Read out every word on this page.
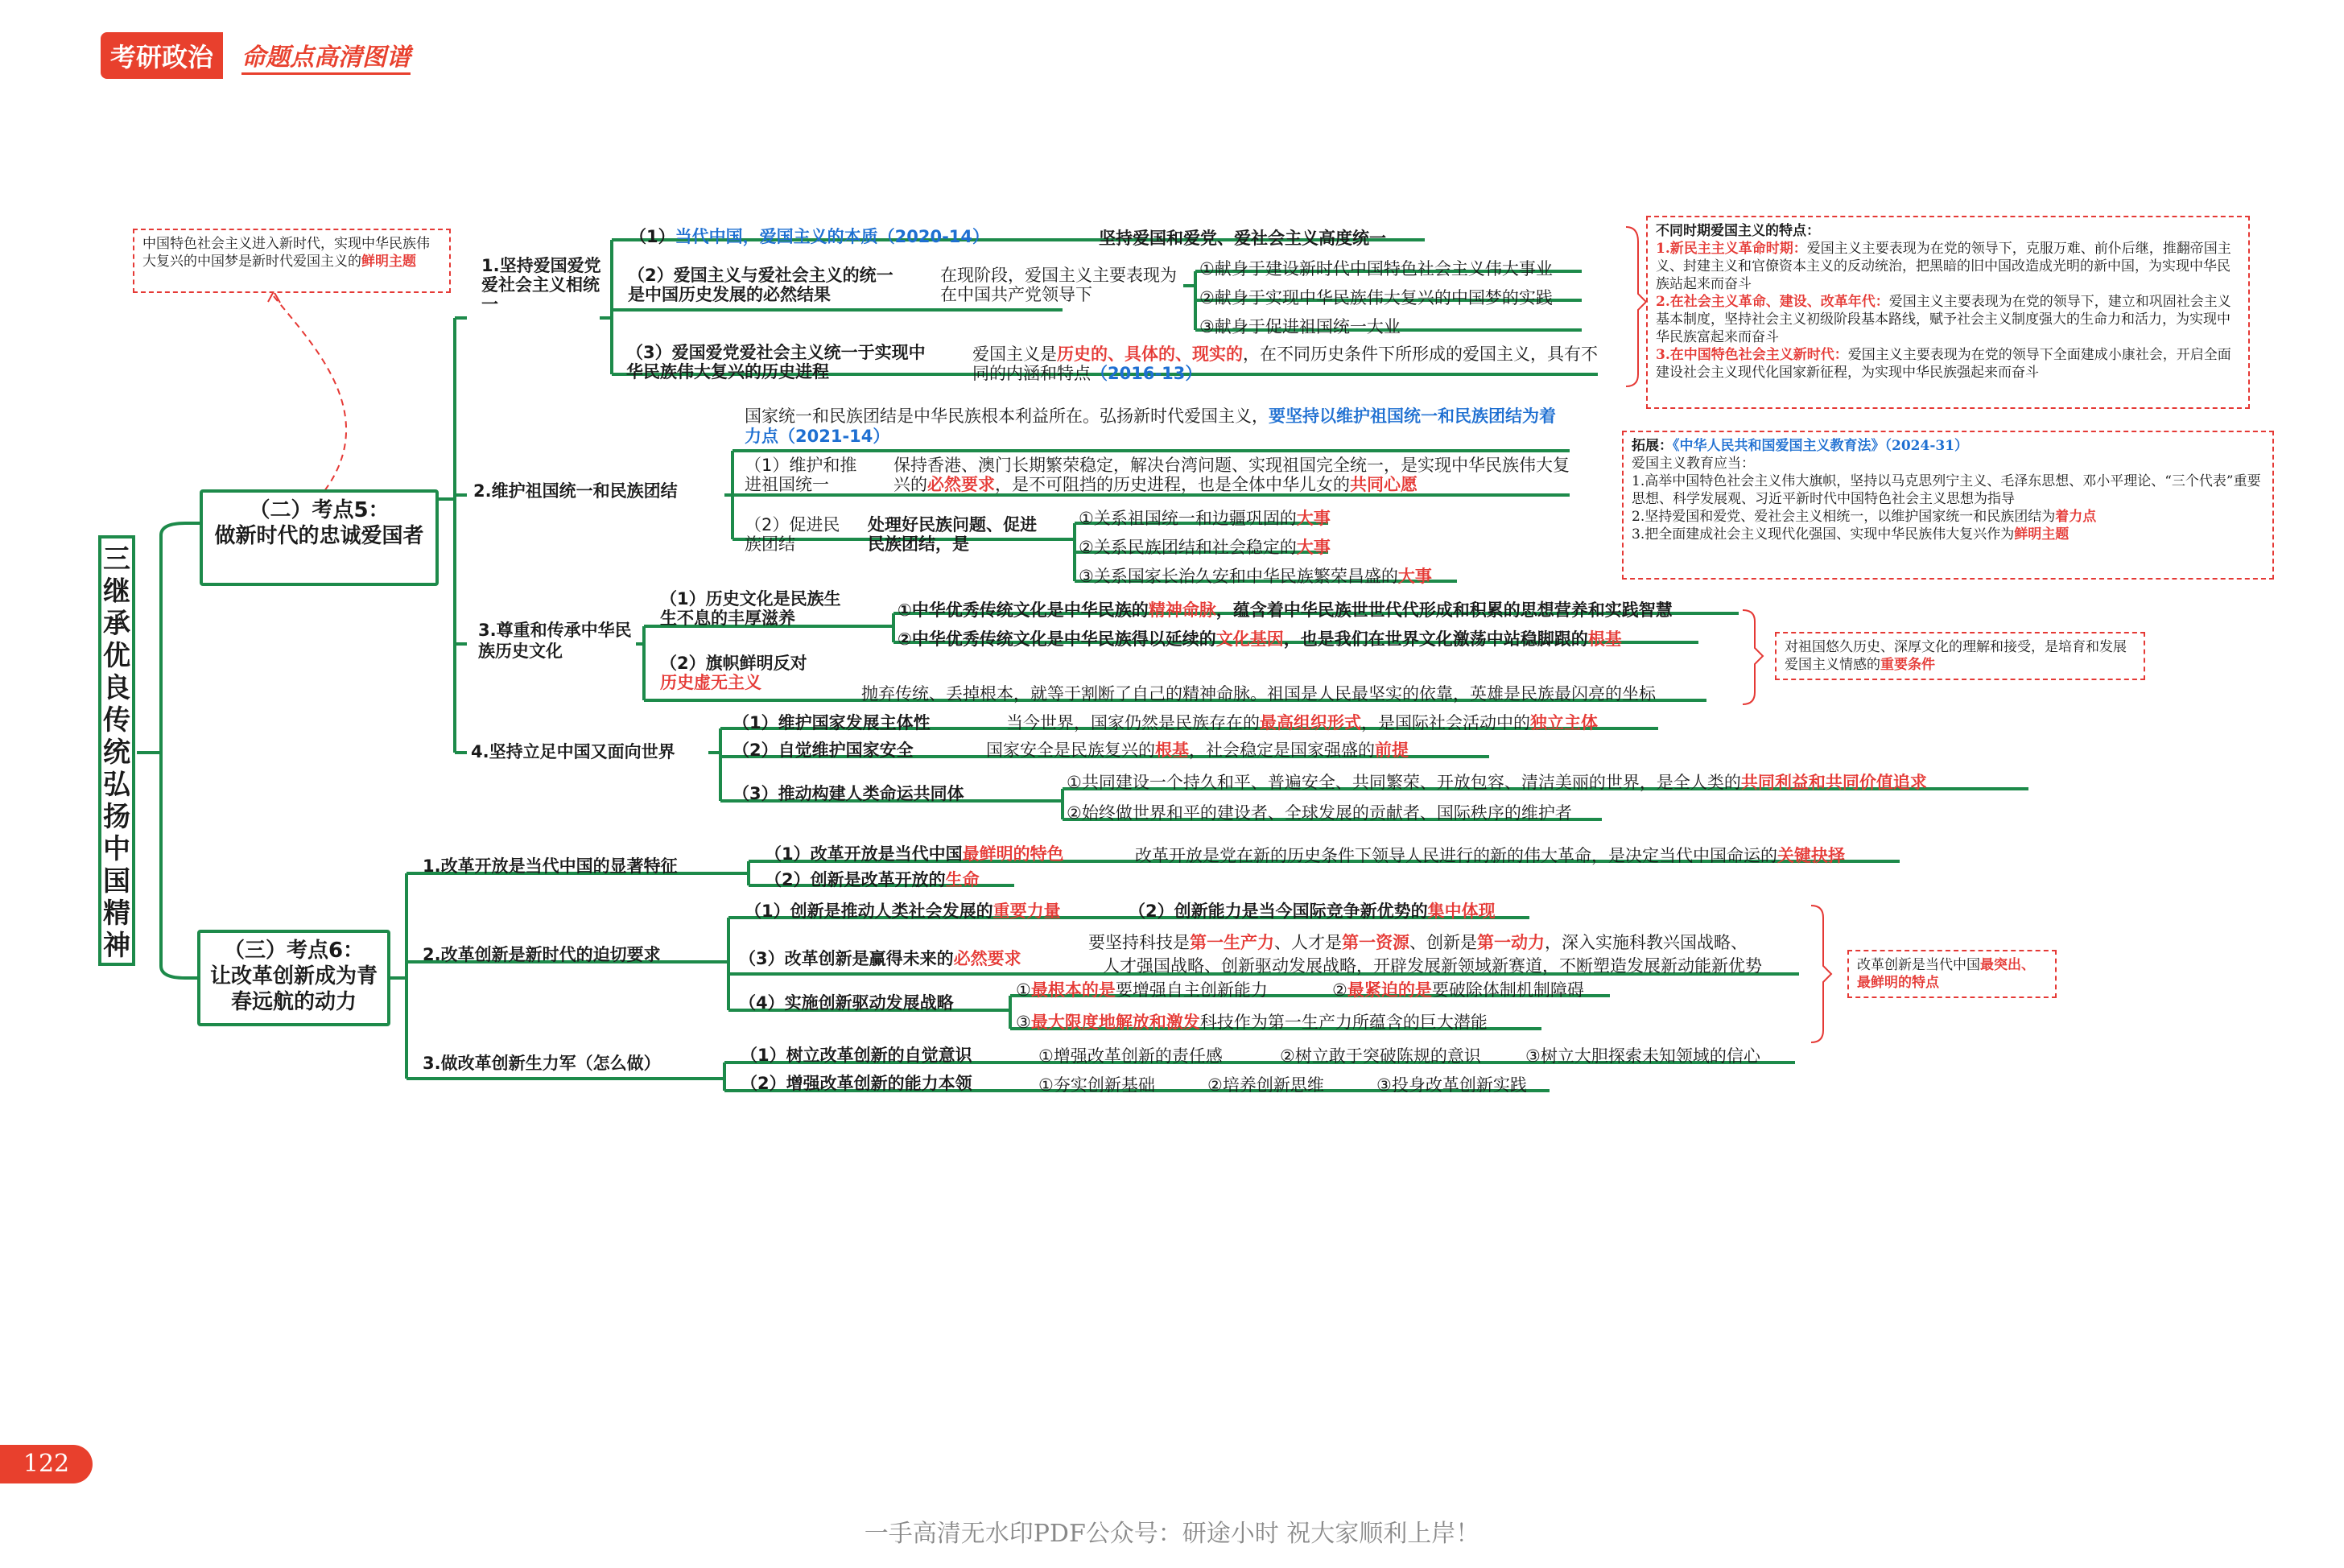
考研政治	命题点高清图谱
三 继承优良传统 弘扬中国精神
（二）考点5：
做新时代的忠诚爱国者
（三）考点6：
让改革创新成为青春远航的动力
中国特色社会主义进入新时代，实现中华民族伟大复兴的中国梦是新时代爱国主义的鲜明主题	1.坚持爱国爱党爱社会主义相统一
（1）当代中国，爱国主义的本质（2020-14）	坚持爱国和爱党、爱社会主义高度统一
（2）爱国主义与爱社会主义的统一是中国历史发展的必然结果
在现阶段，爱国主义主要表现为在中国共产党领导下
①献身于建设新时代中国特色社会主义伟大事业
②献身于实现中华民族伟大复兴的中国梦的实践
③献身于促进祖国统一大业
（3）爱国爱党爱社会主义统一于实现中华民族伟大复兴的历史进程
爱国主义是历史的、具体的、现实的，在不同历史条件下所形成的爱国主义，具有不同的内涵和特点（2016-13）
2.维护祖国统一和民族团结
国家统一和民族团结是中华民族根本利益所在。弘扬新时代爱国主义，要坚持以维护祖国统一和民族团结为着力点（2021-14）
（1）维护和推进祖国统一
保持香港、澳门长期繁荣稳定，解决台湾问题、实现祖国完全统一，是实现中华民族伟大复兴的必然要求，是不可阻挡的历史进程，也是全体中华儿女的共同心愿
（2）促进民族团结
处理好民族问题、促进民族团结，是
①关系祖国统一和边疆巩固的大事
②关系民族团结和社会稳定的大事
③关系国家长治久安和中华民族繁荣昌盛的大事
3.尊重和传承中华民族历史文化
（1）历史文化是民族生生不息的丰厚滋养	①中华优秀传统文化是中华民族的精神命脉，蕴含着中华民族世世代代形成和积累的思想营养和实践智慧
②中华优秀传统文化是中华民族得以延续的文化基因，也是我们在世界文化激荡中站稳脚跟的根基
（2）旗帜鲜明反对历史虚无主义
抛弃传统、丢掉根本，就等于割断了自己的精神命脉。祖国是人民最坚实的依靠，英雄是民族最闪亮的坐标
4.坚持立足中国又面向世界
（1）维护国家发展主体性	当今世界，国家仍然是民族存在的最高组织形式，是国际社会活动中的独立主体
（2）自觉维护国家安全	国家安全是民族复兴的根基，社会稳定是国家强盛的前提
（3）推动构建人类命运共同体
①共同建设一个持久和平、普遍安全、共同繁荣、开放包容、清洁美丽的世界，是全人类的共同利益和共同价值追求
②始终做世界和平的建设者、全球发展的贡献者、国际秩序的维护者
1.改革开放是当代中国的显著特征
（1）改革开放是当代中国最鲜明的特色	改革开放是党在新的历史条件下领导人民进行的新的伟大革命，是决定当代中国命运的关键抉择
（2）创新是改革开放的生命
2.改革创新是新时代的迫切要求
（1）创新是推动人类社会发展的重要力量	（2）创新能力是当今国际竞争新优势的集中体现
（3）改革创新是赢得未来的必然要求
要坚持科技是第一生产力、人才是第一资源、创新是第一动力，深入实施科教兴国战略、
人才强国战略、创新驱动发展战略，开辟发展新领域新赛道，不断塑造发展新动能新优势
（4）实施创新驱动发展战略
①最根本的是要增强自主创新能力	②最紧迫的是要破除体制机制障碍
③最大限度地解放和激发科技作为第一生产力所蕴含的巨大潜能
3.做改革创新生力军（怎么做）	（1）树立改革创新的自觉意识	①增强改革创新的责任感	②树立敢于突破陈规的意识	③树立大胆探索未知领域的信心
（2）增强改革创新的能力本领	①夯实创新基础	②培养创新思维	③投身改革创新实践
不同时期爱国主义的特点：
1.新民主主义革命时期：爱国主义主要表现为在党的领导下，克服万难、前仆后继，推翻帝国主义、封建主义和官僚资本主义的反动统治，把黑暗的旧中国改造成光明的新中国，为实现中华民族站起来而奋斗
2.在社会主义革命、建设、改革年代：爱国主义主要表现为在党的领导下，建立和巩固社会主义基本制度，坚持社会主义初级阶段基本路线，赋予社会主义制度强大的生命力和活力，为实现中华民族富起来而奋斗
3.在中国特色社会主义新时代：爱国主义主要表现为在党的领导下全面建成小康社会，开启全面建设社会主义现代化国家新征程，为实现中华民族强起来而奋斗
拓展：《中华人民共和国爱国主义教育法》（2024-31）
爱国主义教育应当：
1.高举中国特色社会主义伟大旗帜，坚持以马克思列宁主义、毛泽东思想、邓小平理论、“三个代表”重要思想、科学发展观、习近平新时代中国特色社会主义思想为指导
2.坚持爱国和爱党、爱社会主义相统一，以维护国家统一和民族团结为着力点
3.把全面建成社会主义现代化强国、实现中华民族伟大复兴作为鲜明主题
对祖国悠久历史、深厚文化的理解和接受，是培育和发展爱国主义情感的重要条件
改革创新是当代中国最突出、最鲜明的特点
122
一手高清无水印PDF公众号：研途小时 祝大家顺利上岸！
